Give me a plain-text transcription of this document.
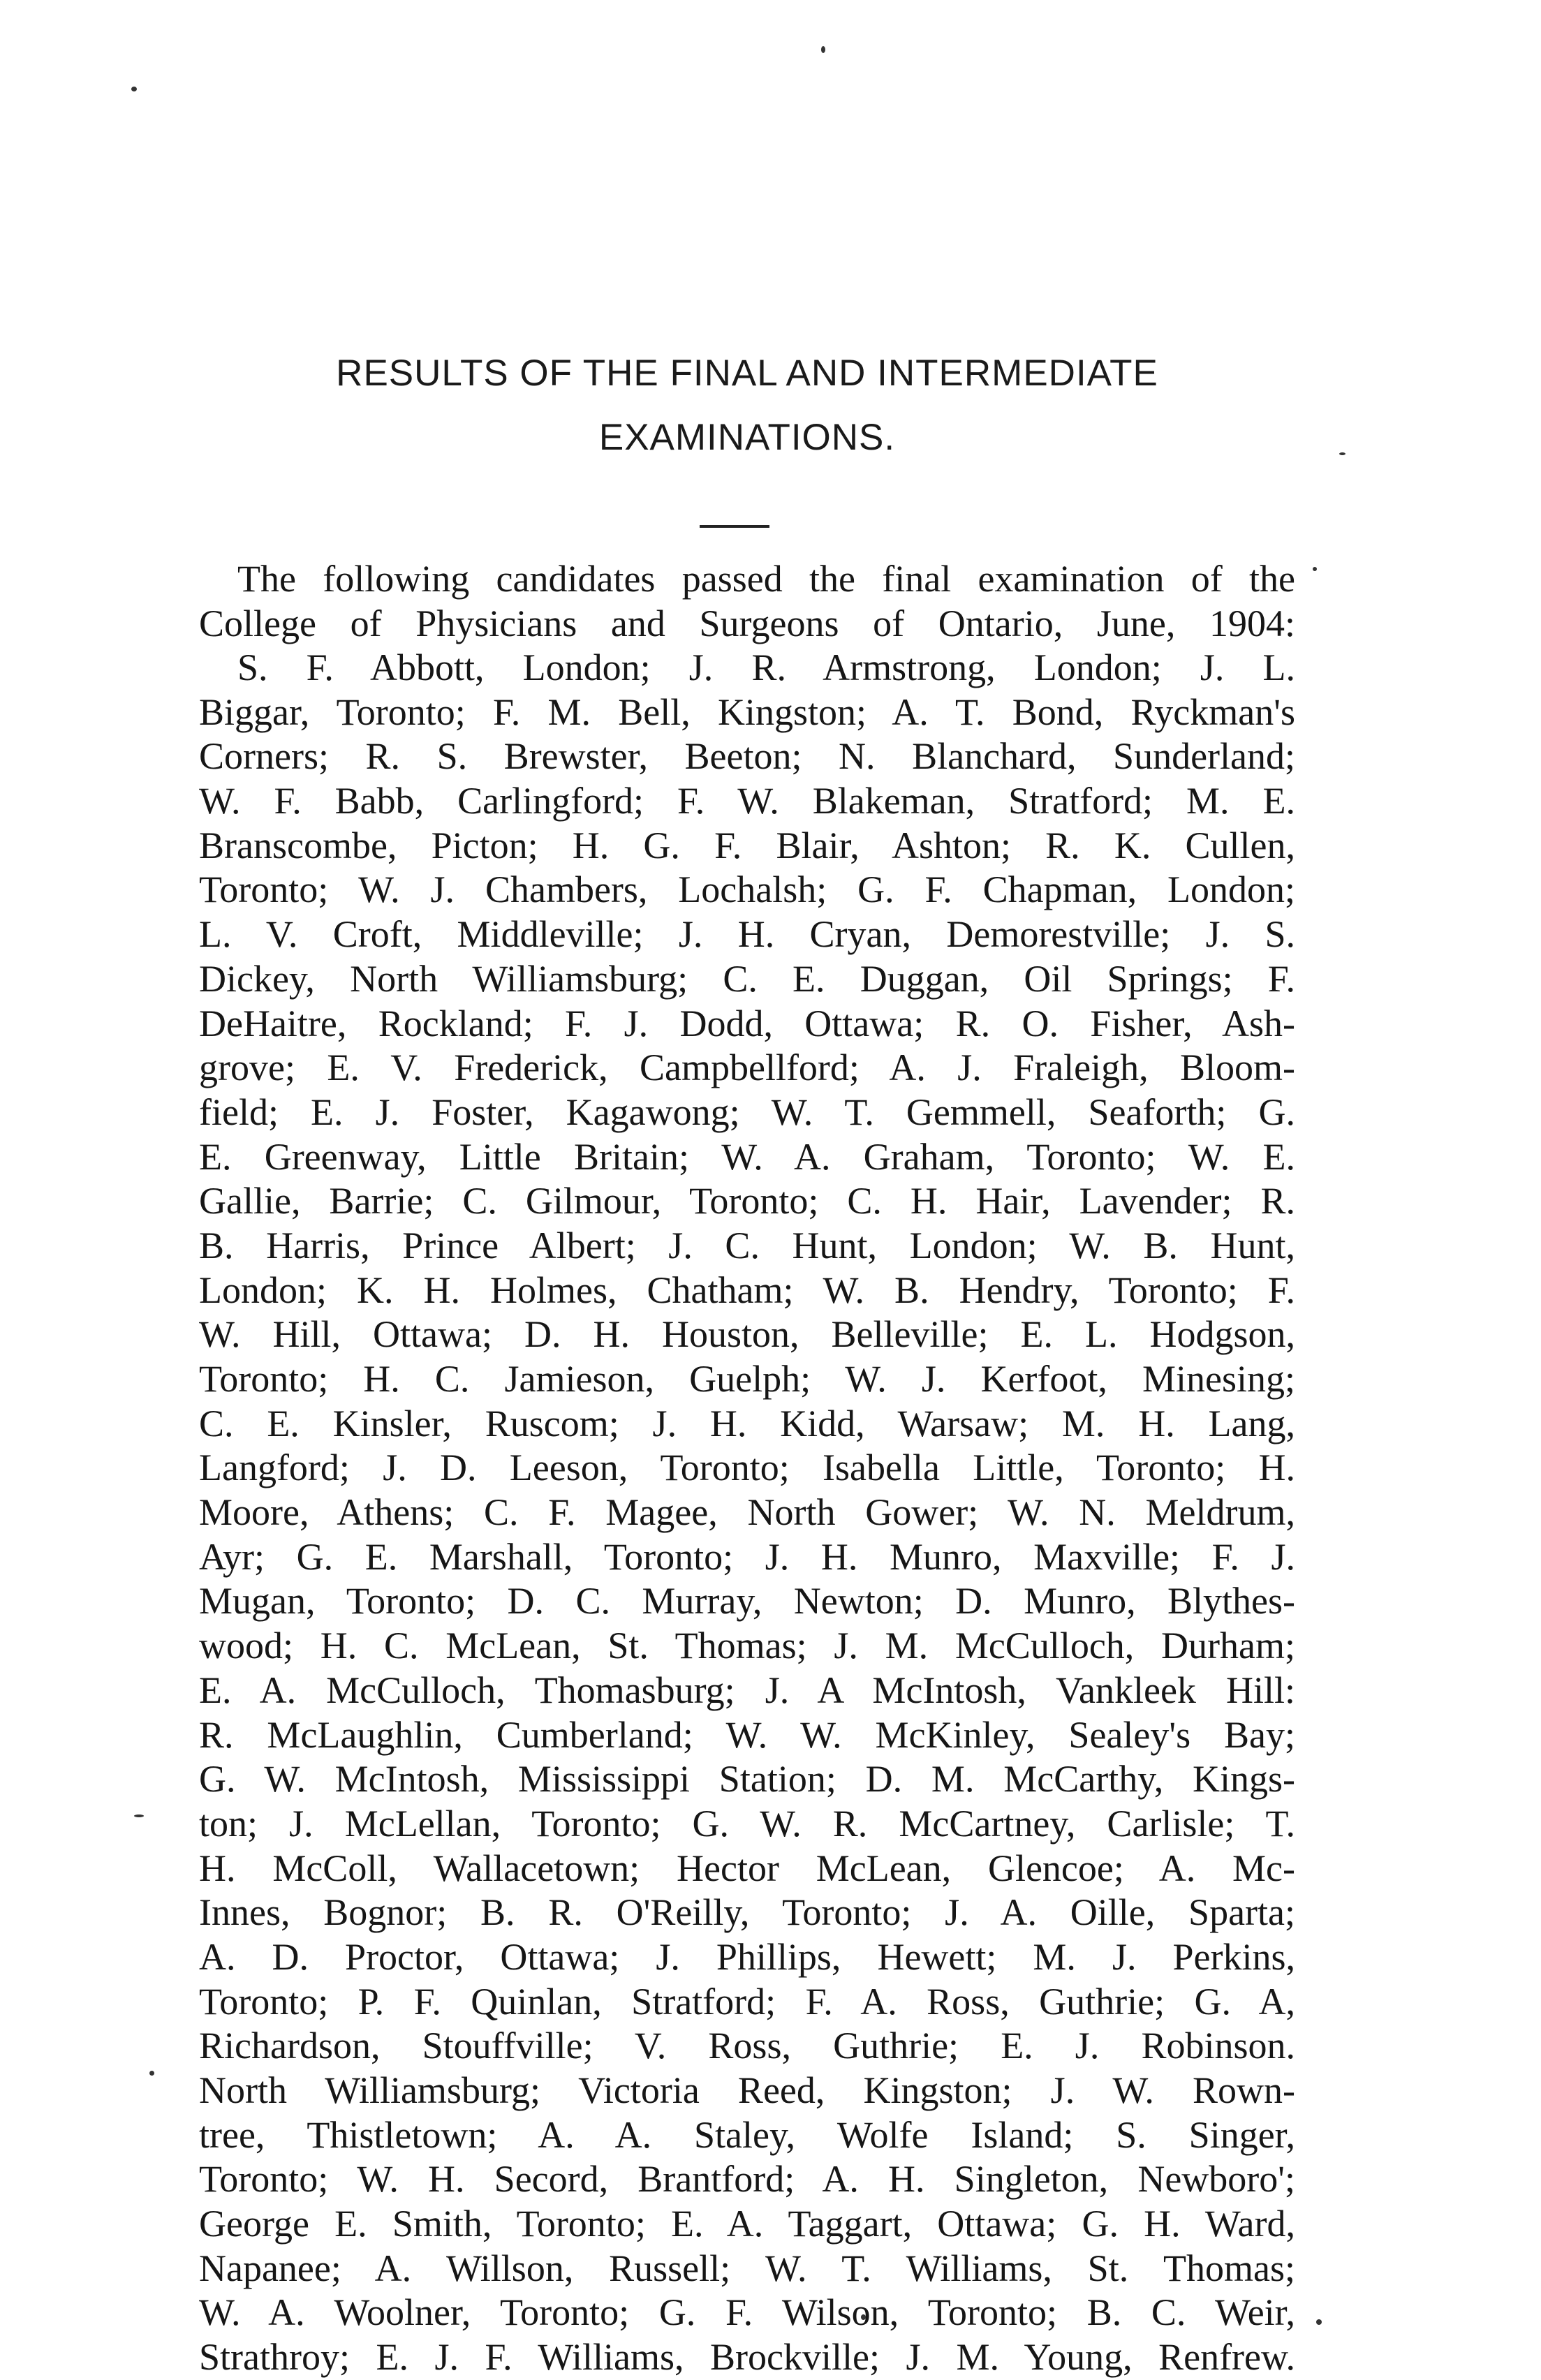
RESULTS OF THE FINAL AND INTERMEDIATE
EXAMINATIONS.
The following candidates passed the final examination of the
College of Physicians and Surgeons of Ontario, June, 1904:
S. F. Abbott, London; J. R. Armstrong, London; J. L.
Biggar, Toronto; F. M. Bell, Kingston; A. T. Bond, Ryckman's
Corners; R. S. Brewster, Beeton; N. Blanchard, Sunderland;
W. F. Babb, Carlingford; F. W. Blakeman, Stratford; M. E.
Branscombe, Picton; H. G. F. Blair, Ashton; R. K. Cullen,
Toronto; W. J. Chambers, Lochalsh; G. F. Chapman, London;
L. V. Croft, Middleville; J. H. Cryan, Demorestville; J. S.
Dickey, North Williamsburg; C. E. Duggan, Oil Springs; F.
DeHaitre, Rockland; F. J. Dodd, Ottawa; R. O. Fisher, Ash-
grove; E. V. Frederick, Campbellford; A. J. Fraleigh, Bloom-
field; E. J. Foster, Kagawong; W. T. Gemmell, Seaforth; G.
E. Greenway, Little Britain; W. A. Graham, Toronto; W. E.
Gallie, Barrie; C. Gilmour, Toronto; C. H. Hair, Lavender; R.
B. Harris, Prince Albert; J. C. Hunt, London; W. B. Hunt,
London; K. H. Holmes, Chatham; W. B. Hendry, Toronto; F.
W. Hill, Ottawa; D. H. Houston, Belleville; E. L. Hodgson,
Toronto; H. C. Jamieson, Guelph; W. J. Kerfoot, Minesing;
C. E. Kinsler, Ruscom; J. H. Kidd, Warsaw; M. H. Lang,
Langford; J. D. Leeson, Toronto; Isabella Little, Toronto; H.
Moore, Athens; C. F. Magee, North Gower; W. N. Meldrum,
Ayr; G. E. Marshall, Toronto; J. H. Munro, Maxville; F. J.
Mugan, Toronto; D. C. Murray, Newton; D. Munro, Blythes-
wood; H. C. McLean, St. Thomas; J. M. McCulloch, Durham;
E. A. McCulloch, Thomasburg; J. A McIntosh, Vankleek Hill:
R. McLaughlin, Cumberland; W. W. McKinley, Sealey's Bay;
G. W. McIntosh, Mississippi Station; D. M. McCarthy, Kings-
ton; J. McLellan, Toronto; G. W. R. McCartney, Carlisle; T.
H. McColl, Wallacetown; Hector McLean, Glencoe; A. Mc-
Innes, Bognor; B. R. O'Reilly, Toronto; J. A. Oille, Sparta;
A. D. Proctor, Ottawa; J. Phillips, Hewett; M. J. Perkins,
Toronto; P. F. Quinlan, Stratford; F. A. Ross, Guthrie; G. A,
Richardson, Stouffville; V. Ross, Guthrie; E. J. Robinson.
North Williamsburg; Victoria Reed, Kingston; J. W. Rown-
tree, Thistletown; A. A. Staley, Wolfe Island; S. Singer,
Toronto; W. H. Secord, Brantford; A. H. Singleton, Newboro';
George E. Smith, Toronto; E. A. Taggart, Ottawa; G. H. Ward,
Napanee; A. Willson, Russell; W. T. Williams, St. Thomas;
W. A. Woolner, Toronto; G. F. Wilson, Toronto; B. C. Weir,
Strathroy; E. J. F. Williams, Brockville; J. M. Young, Renfrew.
